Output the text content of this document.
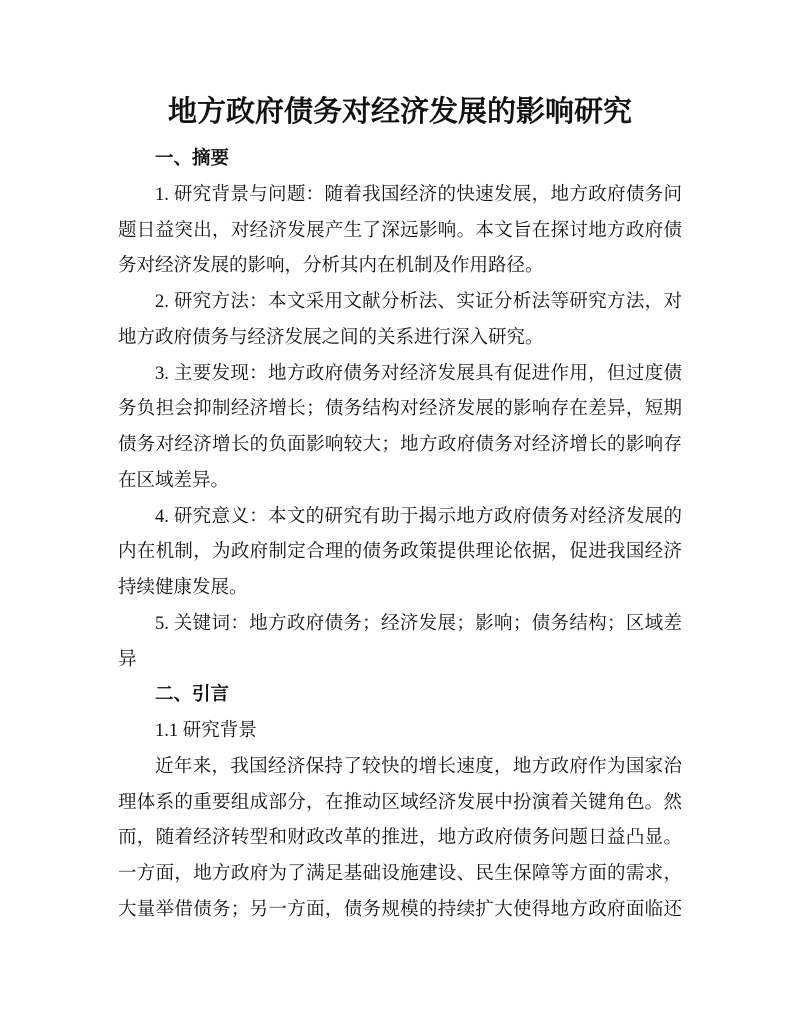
地方政府债务对经济发展的影响研究
一、摘要
1. 研究背景与问题：随着我国经济的快速发展，地方政府债务问
题日益突出，对经济发展产生了深远影响。本文旨在探讨地方政府债
务对经济发展的影响，分析其内在机制及作用路径。
2. 研究方法：本文采用文献分析法、实证分析法等研究方法，对
地方政府债务与经济发展之间的关系进行深入研究。
3. 主要发现：地方政府债务对经济发展具有促进作用，但过度债
务负担会抑制经济增长；债务结构对经济发展的影响存在差异，短期
债务对经济增长的负面影响较大；地方政府债务对经济增长的影响存
在区域差异。
4. 研究意义：本文的研究有助于揭示地方政府债务对经济发展的
内在机制，为政府制定合理的债务政策提供理论依据，促进我国经济
持续健康发展。
5. 关键词：地方政府债务；经济发展；影响；债务结构；区域差
异
二、引言
1.1 研究背景
近年来，我国经济保持了较快的增长速度，地方政府作为国家治
理体系的重要组成部分，在推动区域经济发展中扮演着关键角色。然
而，随着经济转型和财政改革的推进，地方政府债务问题日益凸显。
一方面，地方政府为了满足基础设施建设、民生保障等方面的需求，
大量举借债务；另一方面，债务规模的持续扩大使得地方政府面临还
